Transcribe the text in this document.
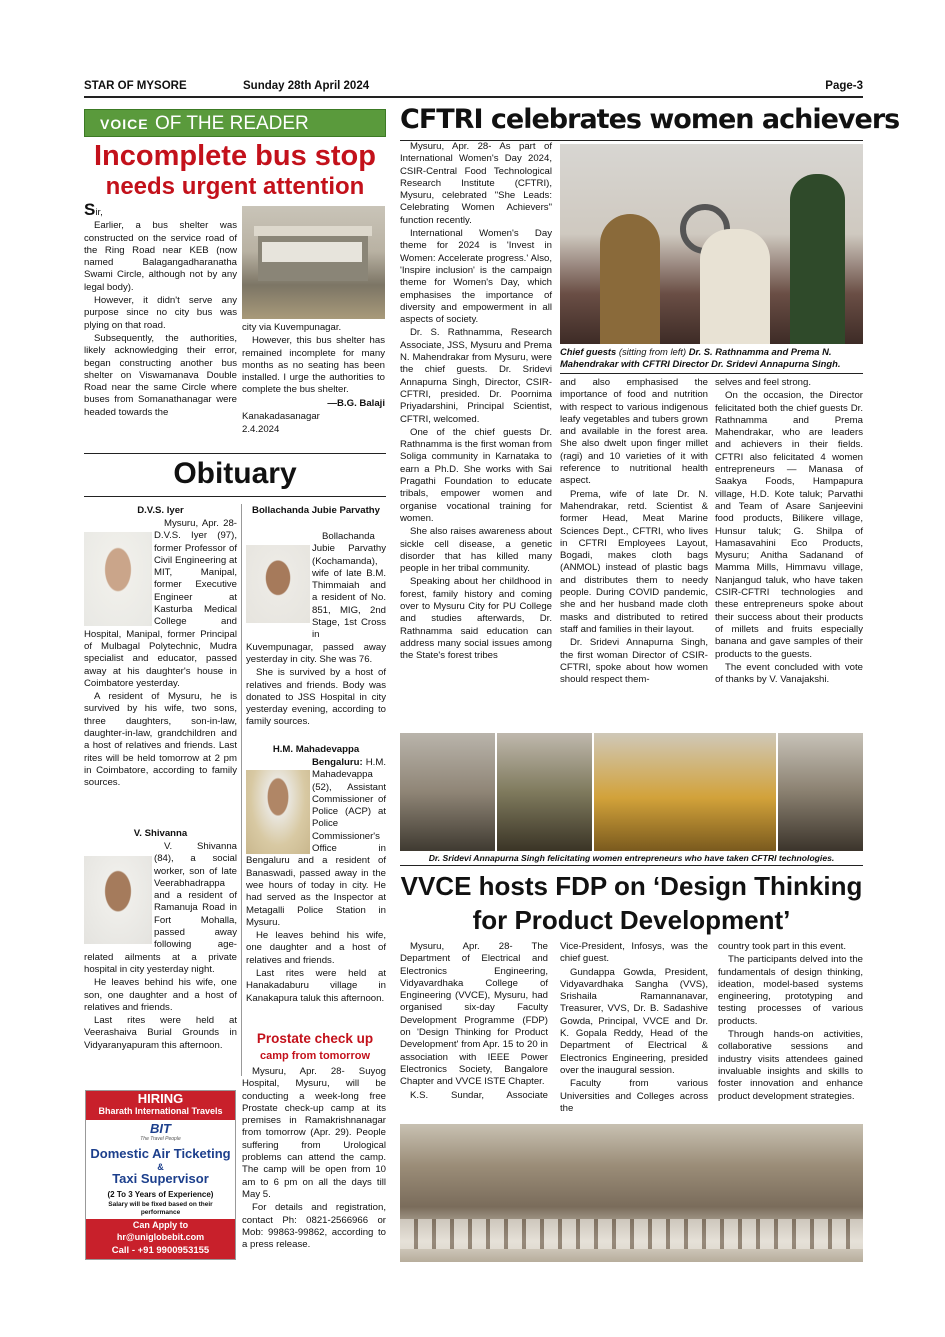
STAR OF MYSORE	Sunday 28th April 2024	Page-3
VOICE OF THE READER
Incomplete bus stop
needs urgent attention

Sir,

Earlier, a bus shelter was constructed on the service road of the Ring Road near KEB (now named Balagangadharanatha Swami Circle, although not by any legal body).

However, it didn't serve any purpose since no city bus was plying on that road.

Subsequently, the authorities, likely acknowledging their error, began constructing another bus shelter on Viswamanava Double Road near the same Circle where buses from Somanathanagar were headed towards the

city via Kuvempunagar.

However, this bus shelter has remained incomplete for many months as no seating has been installed. I urge the authorities to complete the bus shelter.

—B.G. Balaji

Kanakadasanagar

2.4.2024

Obituary
D.V.S. Iyer

Mysuru, Apr. 28- D.V.S. Iyer (97), former Professor of Civil Engineering at MIT, Manipal, former Executive Engineer at Kasturba Medical College and Hospital, Manipal, former Principal of Mulbagal Polytechnic, Mudra specialist and educator, passed away at his daughter's house in Coimbatore yesterday.

A resident of Mysuru, he is survived by his wife, two sons, three daughters, son-in-law, daughter-in-law, grandchildren and a host of relatives and friends. Last rites will be held tomorrow at 2 pm in Coimbatore, according to family sources.

V. Shivanna

V. Shivanna (84), a social worker, son of late Veerabhadrappa and a resident of Ramanuja Road in Fort Mohalla, passed away following age-related ailments at a private hospital in city yesterday night.

He leaves behind his wife, one son, one daughter and a host of relatives and friends.

Last rites were held at Veerashaiva Burial Grounds in Vidyaranyapuram this afternoon.

Bollachanda Jubie Parvathy

Bollachanda Jubie Parvathy (Kochamanda), wife of late B.M. Thimmaiah and a resident of No. 851, MIG, 2nd Stage, 1st Cross in Kuvempunagar, passed away yesterday in city. She was 76.

She is survived by a host of relatives and friends. Body was donated to JSS Hospital in city yesterday evening, according to family sources.

H.M. Mahadevappa

Bengaluru: H.M. Mahadevappa (52), Assistant Commissioner of Police (ACP) at Police Commissioner's Office in Bengaluru and a resident of Banaswadi, passed away in the wee hours of today in city. He had served as the Inspector at Metagalli Police Station in Mysuru.

He leaves behind his wife, one daughter and a host of relatives and friends.

Last rites were held at Hanakadaburu village in Kanakapura taluk this afternoon.

Prostate check up
camp from tomorrow

Mysuru, Apr. 28- Suyog Hospital, Mysuru, will be conducting a week-long free Prostate check-up camp at its premises in Ramakrishnanagar from tomorrow (Apr. 29). People suffering from Urological problems can attend the camp. The camp will be open from 10 am to 6 pm on all the days till May 5.

For details and registration, contact Ph: 0821-2566966 or Mob: 99863-99862, according to a press release.

HIRING
Bharath International Travels
BIT
The Travel People
Domestic Air Ticketing
&
Taxi Supervisor
(2 To 3 Years of Experience)
Salary will be fixed based on their performance
Can Apply to
hr@uniglobebit.com
Call - +91 9900953155
CFTRI celebrates women achievers

Mysuru, Apr. 28- As part of International Women's Day 2024, CSIR-Central Food Technological Research Institute (CFTRI), Mysuru, celebrated "She Leads: Celebrating Women Achievers" function recently.

International Women's Day theme for 2024 is 'Invest in Women: Accelerate progress.' Also, 'Inspire inclusion' is the campaign theme for Women's Day, which emphasises the importance of diversity and empowerment in all aspects of society.

Dr. S. Rathnamma, Research Associate, JSS, Mysuru and Prema N. Mahendrakar from Mysuru, were the chief guests. Dr. Sridevi Annapurna Singh, Director, CSIR-CFTRI, presided. Dr. Poornima Priyadarshini, Principal Scientist, CFTRI, welcomed.

One of the chief guests Dr. Rathnamma is the first woman from Soliga community in Karnataka to earn a Ph.D. She works with Sai Pragathi Foundation to educate tribals, empower women and organise vocational training for women.

She also raises awareness about sickle cell disease, a genetic disorder that has killed many people in her tribal community.

Speaking about her childhood in forest, family history and coming over to Mysuru City for PU College and studies afterwards, Dr. Rathnamma said education can address many social issues among the State's forest tribes

Chief guests (sitting from left) Dr. S. Rathnamma and Prema N. Mahendrakar with CFTRI Director Dr. Sridevi Annapurna Singh.

and also emphasised the importance of food and nutrition with respect to various indigenous leafy vegetables and tubers grown and available in the forest area. She also dwelt upon finger millet (ragi) and 10 varieties of it with reference to nutritional health aspect.

Prema, wife of late Dr. N. Mahendrakar, retd. Scientist & former Head, Meat Marine Sciences Dept., CFTRI, who lives in CFTRI Employees Layout, Bogadi, makes cloth bags (ANMOL) instead of plastic bags and distributes them to needy people. During COVID pandemic, she and her husband made cloth masks and distributed to retired staff and families in their layout.

Dr. Sridevi Annapurna Singh, the first woman Director of CSIR-CFTRI, spoke about how women should respect them-

selves and feel strong.

On the occasion, the Director felicitated both the chief guests Dr. Rathnamma and Prema Mahendrakar, who are leaders and achievers in their fields. CFTRI also felicitated 4 women entrepreneurs — Manasa of Saakya Foods, Hampapura village, H.D. Kote taluk; Parvathi and Team of Asare Sanjeevini food products, Bilikere village, Hunsur taluk; G. Shilpa of Hamasavahini Eco Products, Mysuru; Anitha Sadanand of Mamma Mills, Himmavu village, Nanjangud taluk, who have taken CSIR-CFTRI technologies and these entrepreneurs spoke about their success about their products of millets and fruits especially banana and gave samples of their products to the guests.

The event concluded with vote of thanks by V. Vanajakshi.

Dr. Sridevi Annapurna Singh felicitating women entrepreneurs who have taken CFTRI technologies.
VVCE hosts FDP on ‘Design Thinking
for Product Development’

Mysuru, Apr. 28- The Department of Electrical and Electronics Engineering, Vidyavardhaka College of Engineering (VVCE), Mysuru, had organised six-day Faculty Development Programme (FDP) on 'Design Thinking for Product Development' from Apr. 15 to 20 in association with IEEE Power Electronics Society, Bangalore Chapter and VVCE ISTE Chapter.

K.S. Sundar, Associate

Vice-President, Infosys, was the chief guest.

Gundappa Gowda, President, Vidyavardhaka Sangha (VVS), Srishaila Ramannanavar, Treasurer, VVS, Dr. B. Sadashive Gowda, Principal, VVCE and Dr. K. Gopala Reddy, Head of the Department of Electrical & Electronics Engineering, presided over the inaugural session.

Faculty from various Universities and Colleges across the

country took part in this event.

The participants delved into the fundamentals of design thinking, ideation, model-based systems engineering, prototyping and testing processes of various products.

Through hands-on activities, collaborative sessions and industry visits attendees gained invaluable insights and skills to foster innovation and enhance product development strategies.
